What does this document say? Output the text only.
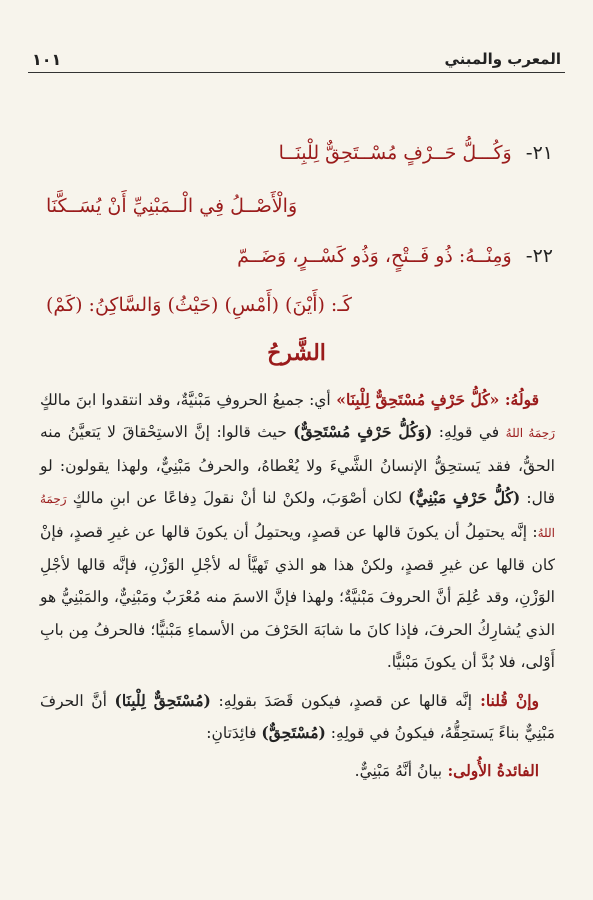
١٠١	المعرب والمبني
٢١-وَكُـــلُّ حَــرْفٍ مُسْــتَحِقٌّ لِلْبِنَــا
وَالْأَصْــلُ فِي الْــمَبْنِيِّ أَنْ يُسَــكَّنَا
٢٢-وَمِنْــهُ: ذُو فَــتْحٍ، وَذُو كَسْــرٍ، وَضَــمّ
كَـ: (أَيْنَ) (أَمْسِ) (حَيْثُ) وَالسَّاكِنُ: (كَمْ)
الشَّرحُ

قولُهُ: «كُلُّ حَرْفٍ مُسْتَحِقٌّ لِلْبِنَا» أي: جميعُ الحروفِ مَبْنيَّةٌ، وقد انتقدوا ابنَ مالكٍ رَحِمَهُ اللهُ في قولِهِ: (وَكُلُّ حَرْفٍ مُسْتَحِقٌّ) حيث قالوا: إنَّ الاستِحْقاقَ لا يَتعيَّنُ منه الحقُّ، فقد يَستحِقُّ الإنسانُ الشَّيءَ ولا يُعْطاهُ، والحرفُ مَبْنِيٌّ، ولهذا يقولون: لو قال: (كُلُّ حَرْفٍ مَبْنِيٌّ) لكان أصْوَبَ، ولكنْ لنا أنْ نقولَ دِفاعًا عن ابنِ مالكٍ رَحِمَهُ اللهُ: إنَّه يحتمِلُ أن يكونَ قالها عن قصدٍ، ويحتمِلُ أن يكونَ قالها عن غيرِ قصدٍ، فإنْ كان قالها عن غيرِ قصدٍ، ولكنْ هذا هو الذي تَهيَّأ له لأجْلِ الوَزْنِ، فإنَّه قالها لأجْلِ الوَزْنِ، وقد عُلِمَ أنَّ الحروفَ مَبْنيَّةٌ؛ ولهذا فإنَّ الاسمَ منه مُعْرَبٌ ومَبْنِيٌّ، والمَبْنِيُّ هو الذي يُشارِكُ الحرفَ، فإذا كانَ ما شابَهَ الحَرْفَ من الأسماءِ مَبْنيًّا؛ فالحرفُ مِن بابِ أَوْلى، فلا بُدَّ أن يكونَ مَبْنيًّا.

وإنْ قُلنا: إنَّه قالها عن قصدٍ، فيكون قَصَدَ بقولِهِ: (مُسْتَحِقٌّ لِلْبِنَا) أنَّ الحرفَ مَبْنِيٌّ بناءً يَستحِقُّهُ، فيكونُ في قولِهِ: (مُسْتَحِقٌّ) فائِدَتانِ:

الفائدةُ الأُولى: بيانُ أنَّهُ مَبْنِيٌّ.
